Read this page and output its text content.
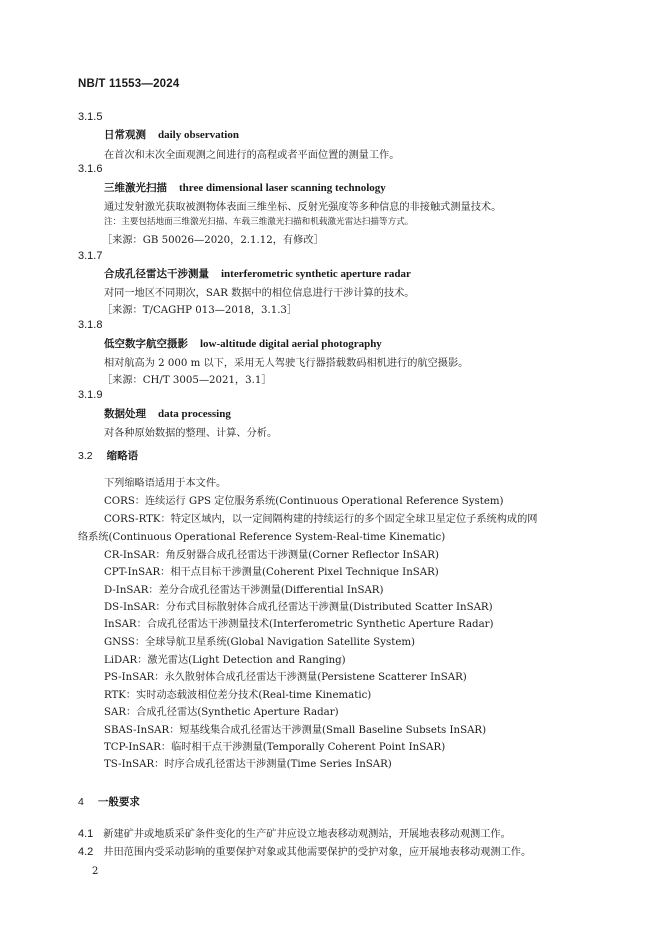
NB/T 11553—2024
3.1.5
日常观测 daily observation
在首次和末次全面观测之间进行的高程或者平面位置的测量工作。
3.1.6
三维激光扫描 three dimensional laser scanning technology
通过发射激光获取被测物体表面三维坐标、反射光强度等多种信息的非接触式测量技术。
注：主要包括地面三维激光扫描、车载三维激光扫描和机载激光雷达扫描等方式。
［来源：GB 50026—2020，2.1.12，有修改］
3.1.7
合成孔径雷达干涉测量 interferometric synthetic aperture radar
对同一地区不同期次，SAR 数据中的相位信息进行干涉计算的技术。
［来源：T/CAGHP 013—2018，3.1.3］
3.1.8
低空数字航空摄影 low-altitude digital aerial photography
相对航高为 2 000 m 以下，采用无人驾驶飞行器搭载数码相机进行的航空摄影。
［来源：CH/T 3005—2021，3.1］
3.1.9
数据处理 data processing
对各种原始数据的整理、计算、分析。
3.2 缩略语
下列缩略语适用于本文件。
CORS：连续运行 GPS 定位服务系统(Continuous Operational Reference System)
CORS-RTK：特定区域内，以一定间隔构建的持续运行的多个固定全球卫星定位子系统构成的网
络系统(Continuous Operational Reference System-Real-time Kinematic)
CR-InSAR：角反射器合成孔径雷达干涉测量(Corner Reflector InSAR)
CPT-InSAR：相干点目标干涉测量(Coherent Pixel Technique InSAR)
D-InSAR：差分合成孔径雷达干涉测量(Differential InSAR)
DS-InSAR：分布式目标散射体合成孔径雷达干涉测量(Distributed Scatter InSAR)
InSAR：合成孔径雷达干涉测量技术(Interferometric Synthetic Aperture Radar)
GNSS：全球导航卫星系统(Global Navigation Satellite System)
LiDAR：激光雷达(Light Detection and Ranging)
PS-InSAR：永久散射体合成孔径雷达干涉测量(Persistene Scatterer InSAR)
RTK：实时动态载波相位差分技术(Real-time Kinematic)
SAR：合成孔径雷达(Synthetic Aperture Radar)
SBAS-InSAR：短基线集合成孔径雷达干涉测量(Small Baseline Subsets InSAR)
TCP-InSAR：临时相干点干涉测量(Temporally Coherent Point InSAR)
TS-InSAR：时序合成孔径雷达干涉测量(Time Series InSAR)
4 一般要求
4.1 新建矿井或地质采矿条件变化的生产矿井应设立地表移动观测站，开展地表移动观测工作。
4.2 井田范围内受采动影响的重要保护对象或其他需要保护的受护对象，应开展地表移动观测工作。
2
